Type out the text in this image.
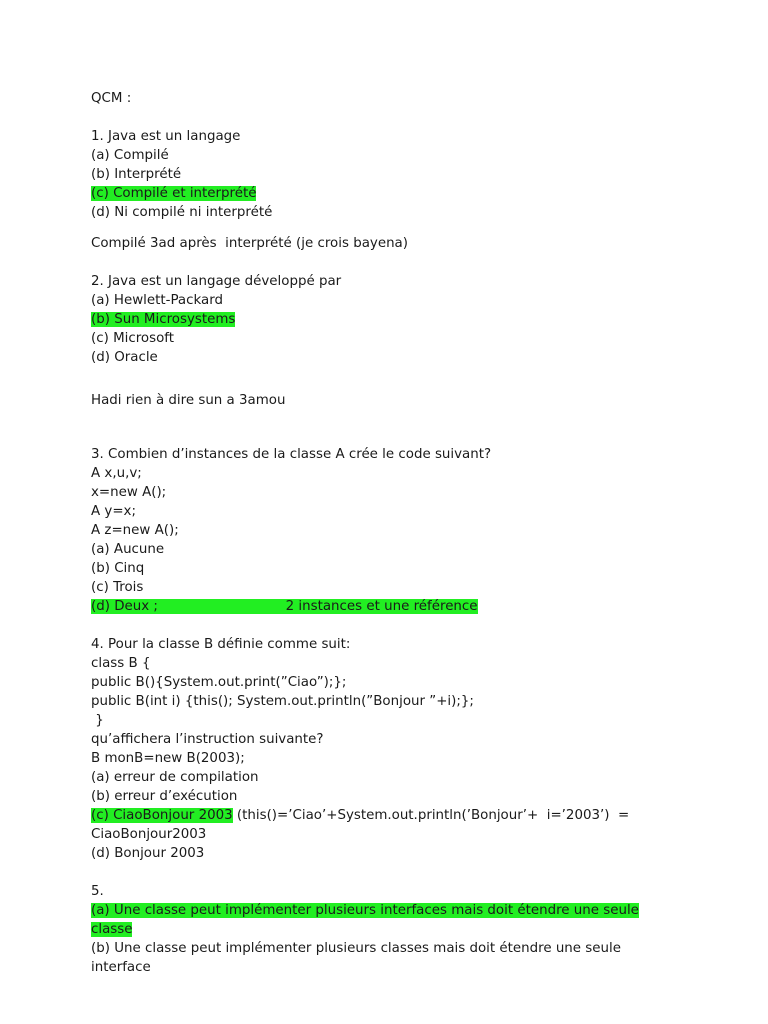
QCM :
1. Java est un langage
(a) Compilé
(b) Interprété
(c) Compilé et interprété
(d) Ni compilé ni interprété
Compilé 3ad après  interprété (je crois bayena)
2. Java est un langage développé par
(a) Hewlett-Packard
(b) Sun Microsystems
(c) Microsoft
(d) Oracle
Hadi rien à dire sun a 3amou
3. Combien d’instances de la classe A crée le code suivant?
A x,u,v;
x=new A();
A y=x;
A z=new A();
(a) Aucune
(b) Cinq
(c) Trois
(d) Deux ;                              2 instances et une référence
4. Pour la classe B définie comme suit:
class B {
public B(){System.out.print(”Ciao”);};
public B(int i) {this(); System.out.println(”Bonjour ”+i);};
}
qu’affichera l’instruction suivante?
B monB=new B(2003);
(a) erreur de compilation
(b) erreur d’exécution
(c) CiaoBonjour 2003 (this()=’Ciao’+System.out.println(’Bonjour’+  i=’2003’)  =
CiaoBonjour2003
(d) Bonjour 2003
5.
(a) Une classe peut implémenter plusieurs interfaces mais doit étendre une seule
classe
(b) Une classe peut implémenter plusieurs classes mais doit étendre une seule
interface
